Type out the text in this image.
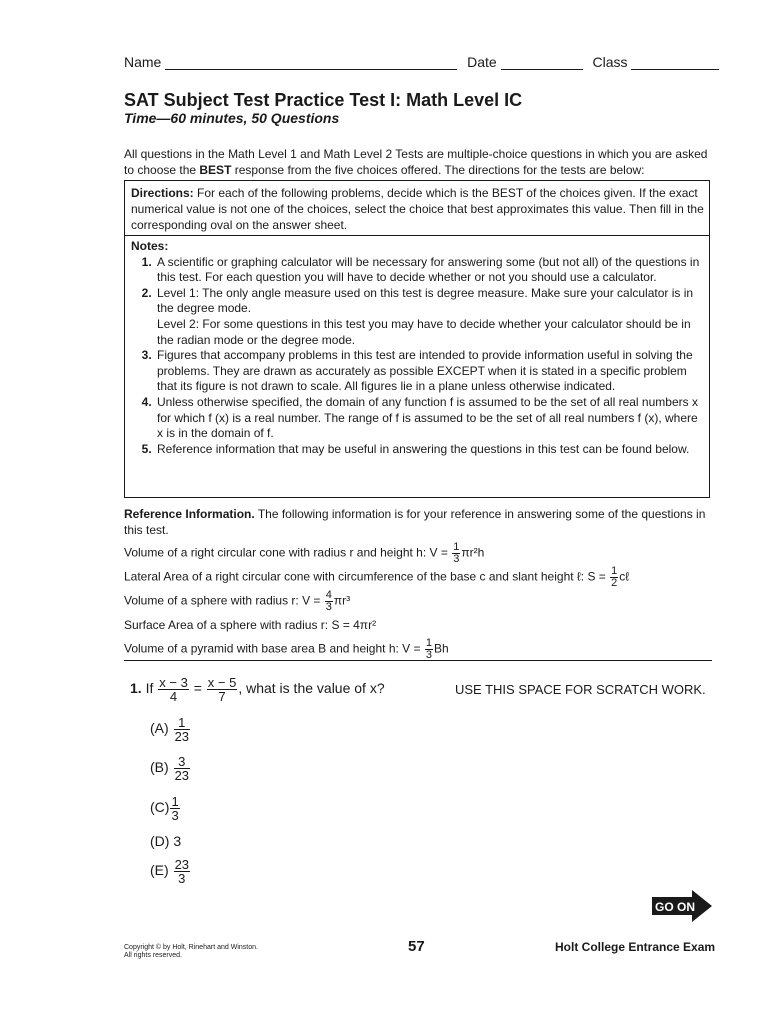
Name	Date	Class
SAT Subject Test Practice Test I: Math Level IC
Time—60 minutes, 50 Questions
All questions in the Math Level 1 and Math Level 2 Tests are multiple-choice questions in which you are asked to choose the BEST response from the five choices offered. The directions for the tests are below:
Directions: For each of the following problems, decide which is the BEST of the choices given. If the exact numerical value is not one of the choices, select the choice that best approximates this value. Then fill in the corresponding oval on the answer sheet.
Notes:
1. A scientific or graphing calculator will be necessary for answering some (but not all) of the questions in this test. For each question you will have to decide whether or not you should use a calculator.
2. Level 1: The only angle measure used on this test is degree measure. Make sure your calculator is in the degree mode.
Level 2: For some questions in this test you may have to decide whether your calculator should be in the radian mode or the degree mode.
3. Figures that accompany problems in this test are intended to provide information useful in solving the problems. They are drawn as accurately as possible EXCEPT when it is stated in a specific problem that its figure is not drawn to scale. All figures lie in a plane unless otherwise indicated.
4. Unless otherwise specified, the domain of any function f is assumed to be the set of all real numbers x for which f (x) is a real number. The range of f is assumed to be the set of all real numbers f (x), where x is in the domain of f.
5. Reference information that may be useful in answering the questions in this test can be found below.
Reference Information. The following information is for your reference in answering some of the questions in this test.
Volume of a right circular cone with radius r and height h: $V = \frac{1}{3} \pi r^2h$
Lateral Area of a right circular cone with circumference of the base c and slant height ℓ: $S = \frac{1}{2}$ cℓ
Volume of a sphere with radius r: $V = \frac{4}{3} \pi r^3$
Surface Area of a sphere with radius r: S = 4πr²
Volume of a pyramid with base area B and height h: $V = \frac{1}{3}$ Bh
1. If $\frac{x - 3}{4} = \frac{x - 5}{7}$ , what is the value of x?	USE THIS SPACE FOR SCRATCH WORK.
$(A) \frac{1}{23}$
$(B) \frac{3}{23}$
$(C) \frac{1}{3}$
(D) 3
$(E) \frac{23}{3}$
GO ON
Copyright © by Holt, Rinehart and Winston.
All rights reserved.
57	Holt College Entrance Exam
